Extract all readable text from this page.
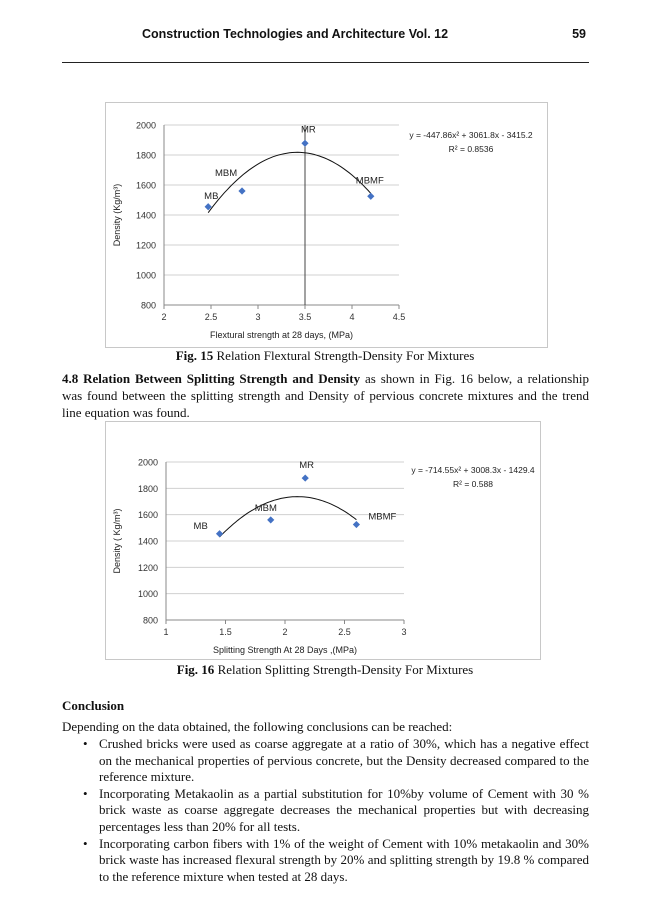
Construction Technologies and Architecture Vol. 12	59
800
1000
1200
1400
1600
1800
2000
2	2.5	3	3.5	4	4.5
MB
MBM
MR
MBMF
y = -447.86x² + 3061.8x - 3415.2
R² = 0.8536
Flextural strength at 28 days, (MPa)
Density (Kg/m³)
Fig. 15 Relation Flextural Strength-Density For Mixtures
4.8 Relation Between Splitting Strength and Density as shown in Fig. 16 below, a relationship was found between the splitting strength and Density of pervious concrete mixtures and the trend line equation was found.
800
1000
1200
1400
1600
1800
2000
1	1.5	2	2.5	3
MB
MBM
MR
MBMF
y = -714.55x² + 3008.3x - 1429.4
R² = 0.588
Splitting Strength At 28 Days ,(MPa)
Density ( Kg/m³)
Fig. 16 Relation Splitting Strength-Density For Mixtures
Conclusion
Depending on the data obtained, the following conclusions can be reached:
• Crushed bricks were used as coarse aggregate at a ratio of 30%, which has a negative effect on the mechanical properties of pervious concrete, but the Density decreased compared to the reference mixture.
• Incorporating Metakaolin as a partial substitution for 10%by volume of Cement with 30 % brick waste as coarse aggregate decreases the mechanical properties but with decreasing percentages less than 20% for all tests.
• Incorporating carbon fibers with 1% of the weight of Cement with 10% metakaolin and 30% brick waste has increased flexural strength by 20% and splitting strength by 19.8 % compared to the reference mixture when tested at 28 days.
